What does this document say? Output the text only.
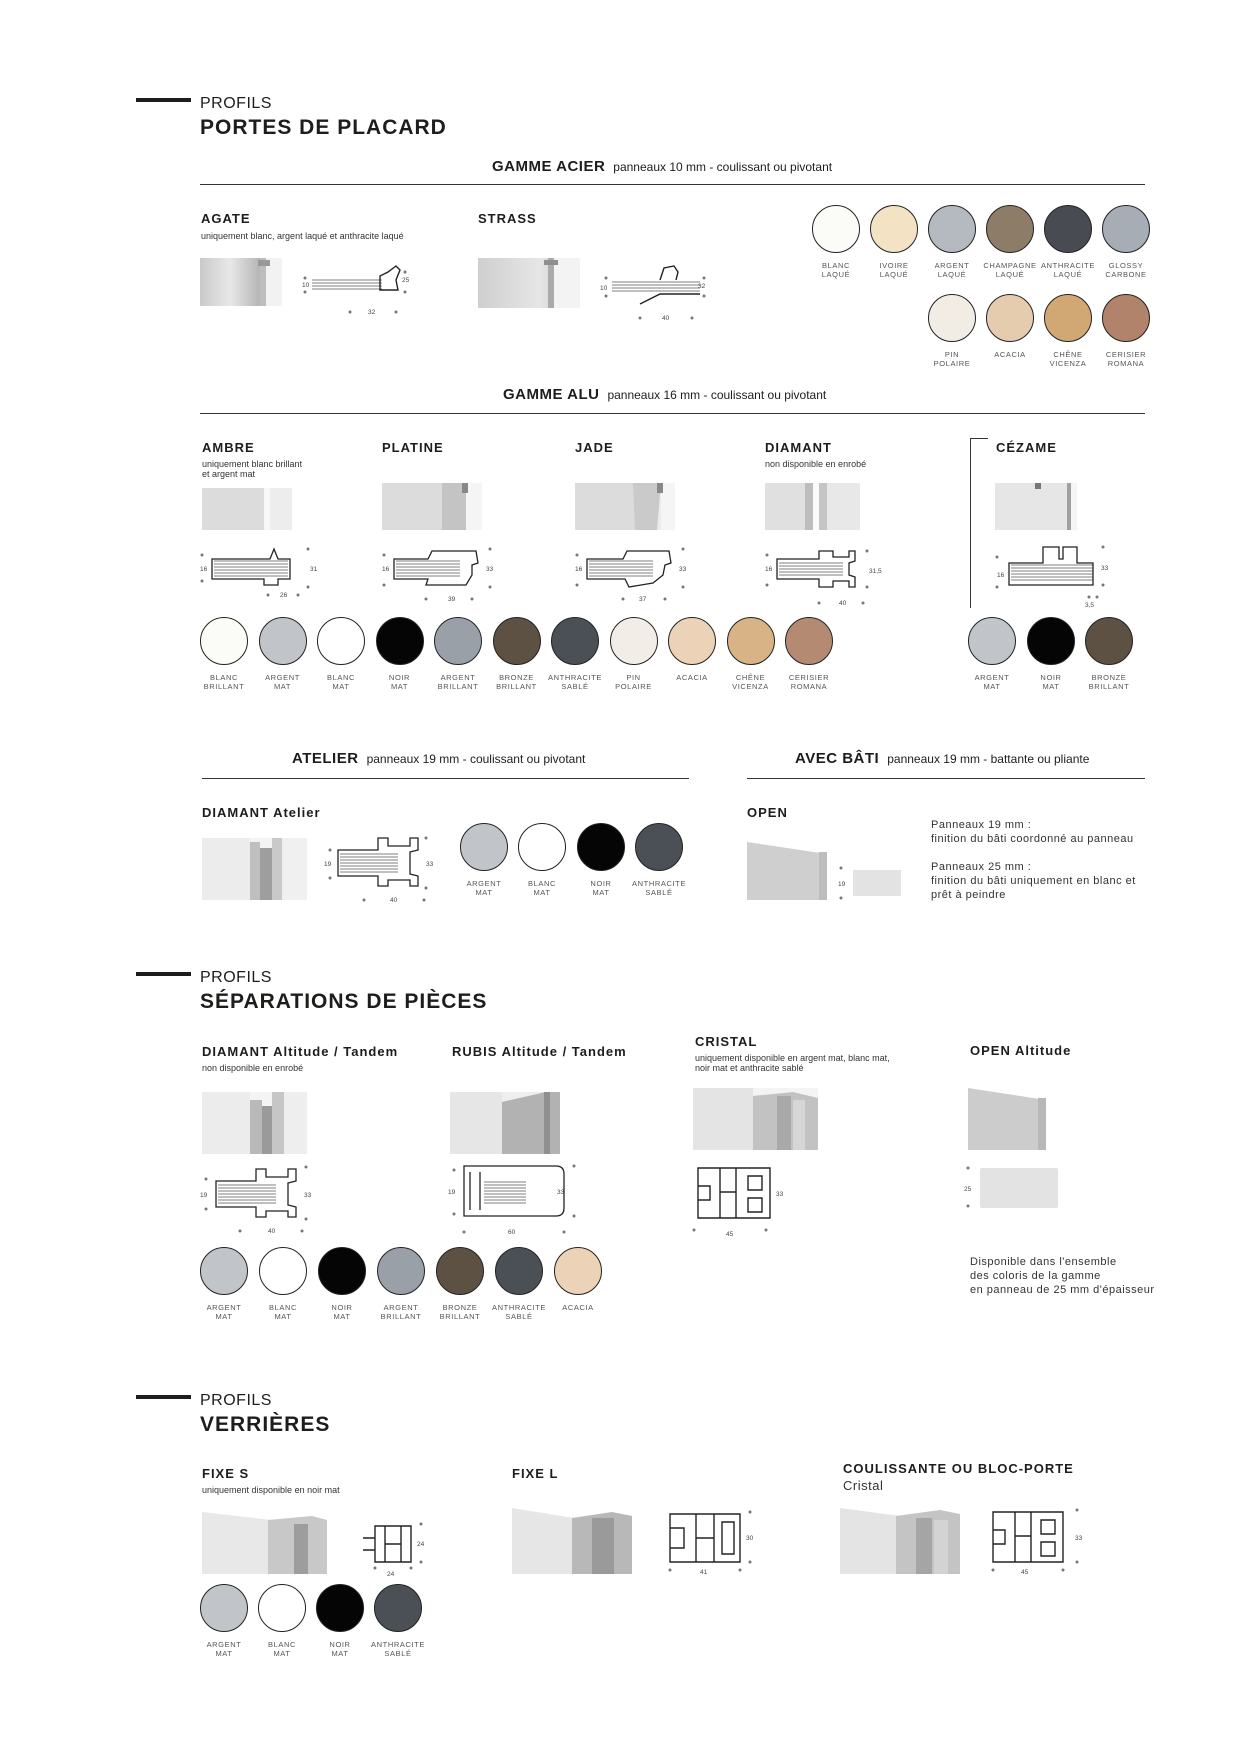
PROFILS
PORTES DE PLACARD
GAMME ACIER panneaux 10 mm - coulissant ou pivotant
AGATE
uniquement blanc, argent laqué et anthracite laqué
10
25
32
STRASS
10	32
40
BLANC
LAQUÉ
IVOIRE
LAQUÉ
ARGENT
LAQUÉ
CHAMPAGNE
LAQUÉ
ANTHRACITE
LAQUÉ
GLOSSY
CARBONE
PIN
POLAIRE
ACACIA	CHÊNE
VICENZA
CERISIER
ROMANA
GAMME ALU panneaux 16 mm - coulissant ou pivotant
AMBRE
uniquement blanc brillant
et argent mat
PLATINE	JADE	DIAMANT
non disponible en enrobé
CÉZAME
16	31
26
16	33
39
16	33
37
16	31,5
40
16
33
3,5
BLANC
BRILLANT
ARGENT
MAT
BLANC
MAT
NOIR
MAT
ARGENT
BRILLANT
BRONZE
BRILLANT
ANTHRACITE
SABLÉ
PIN
POLAIRE
ACACIA	CHÊNE
VICENZA
CERISIER
ROMANA
ARGENT
MAT
NOIR
MAT
BRONZE
BRILLANT
ATELIER panneaux 19 mm - coulissant ou pivotant
DIAMANT Atelier
19	33
40
ARGENT
MAT
BLANC
MAT
NOIR
MAT
ANTHRACITE
SABLÉ
AVEC BÂTI panneaux 19 mm - battante ou pliante
OPEN
19
Panneaux 19 mm :
finition du bâti coordonné au panneau
Panneaux 25 mm :
finition du bâti uniquement en blanc et
prêt à peindre
PROFILS
SÉPARATIONS DE PIÈCES
DIAMANT Altitude / Tandem
non disponible en enrobé
RUBIS Altitude / Tandem
CRISTAL
uniquement disponible en argent mat, blanc mat,
noir mat et anthracite sablé
OPEN Altitude
19	33
40
19	33
60
33
45
25
ARGENT
MAT
BLANC
MAT
NOIR
MAT
ARGENT
BRILLANT
BRONZE
BRILLANT
ANTHRACITE
SABLÉ
ACACIA
Disponible dans l'ensemble
des coloris de la gamme
en panneau de 25 mm d'épaisseur
PROFILS
VERRIÈRES
FIXE S
uniquement disponible en noir mat
FIXE L	COULISSANTE OU BLOC-PORTE
Cristal
24
24
30
41
33
45
ARGENT
MAT
BLANC
MAT
NOIR
MAT
ANTHRACITE
SABLÉ
